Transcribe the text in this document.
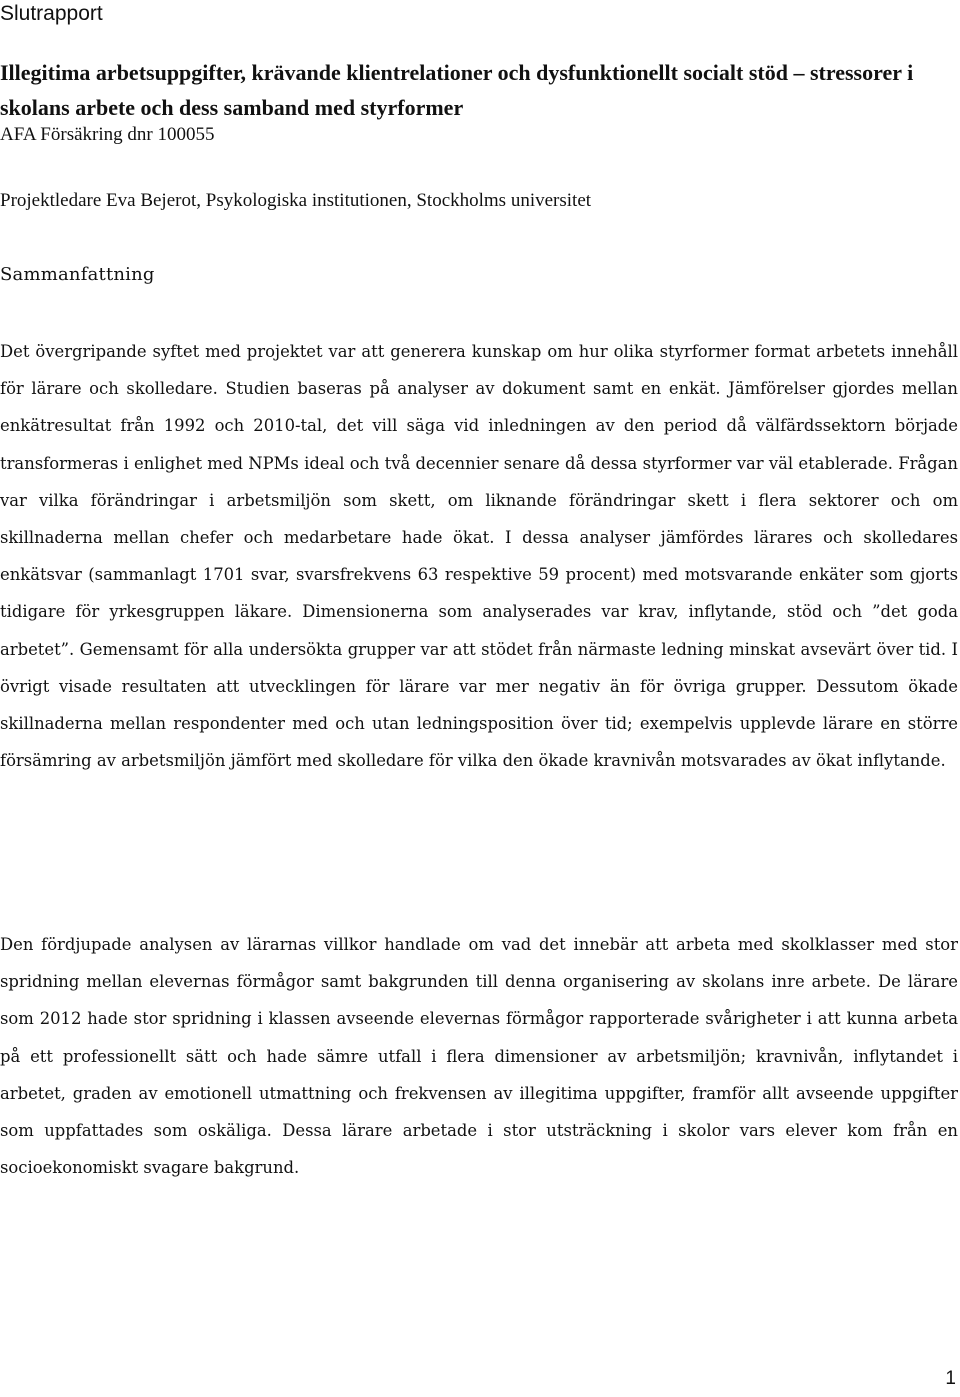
Slutrapport
Illegitima arbetsuppgifter, krävande klientrelationer och dysfunktionellt socialt stöd – stressorer i skolans arbete och dess samband med styrformer

AFA Försäkring dnr 100055

Projektledare Eva Bejerot, Psykologiska institutionen, Stockholms universitet

Sammanfattning

Det övergripande syftet med projektet var att generera kunskap om hur olika styrformer format arbetets innehåll för lärare och skolledare. Studien baseras på analyser av dokument samt en enkät. Jämförelser gjordes mellan enkätresultat från 1992 och 2010-tal, det vill säga vid inledningen av den period då välfärdssektorn började transformeras i enlighet med NPMs ideal och två decennier senare då dessa styrformer var väl etablerade. Frågan var vilka förändringar i arbetsmiljön som skett, om liknande förändringar skett i flera sektorer och om skillnaderna mellan chefer och medarbetare hade ökat. I dessa analyser jämfördes lärares och skolledares enkätsvar (sammanlagt 1701 svar, svarsfrekvens 63 respektive 59 procent) med motsvarande enkäter som gjorts tidigare för yrkesgruppen läkare. Dimensionerna som analyserades var krav, inflytande, stöd och ”det goda arbetet”. Gemensamt för alla undersökta grupper var att stödet från närmaste ledning minskat avsevärt över tid. I övrigt visade resultaten att utvecklingen för lärare var mer negativ än för övriga grupper. Dessutom ökade skillnaderna mellan respondenter med och utan ledningsposition över tid; exempelvis upplevde lärare en större försämring av arbetsmiljön jämfört med skolledare för vilka den ökade kravnivån motsvarades av ökat inflytande.

Den fördjupade analysen av lärarnas villkor handlade om vad det innebär att arbeta med skolklasser med stor spridning mellan elevernas förmågor samt bakgrunden till denna organisering av skolans inre arbete. De lärare som 2012 hade stor spridning i klassen avseende elevernas förmågor rapporterade svårigheter i att kunna arbeta på ett professionellt sätt och hade sämre utfall i flera dimensioner av arbetsmiljön; kravnivån, inflytandet i arbetet, graden av emotionell utmattning och frekvensen av illegitima uppgifter, framför allt avseende uppgifter som uppfattades som oskäliga. Dessa lärare arbetade i stor utsträckning i skolor vars elever kom från en socioekonomiskt svagare bakgrund.

1
